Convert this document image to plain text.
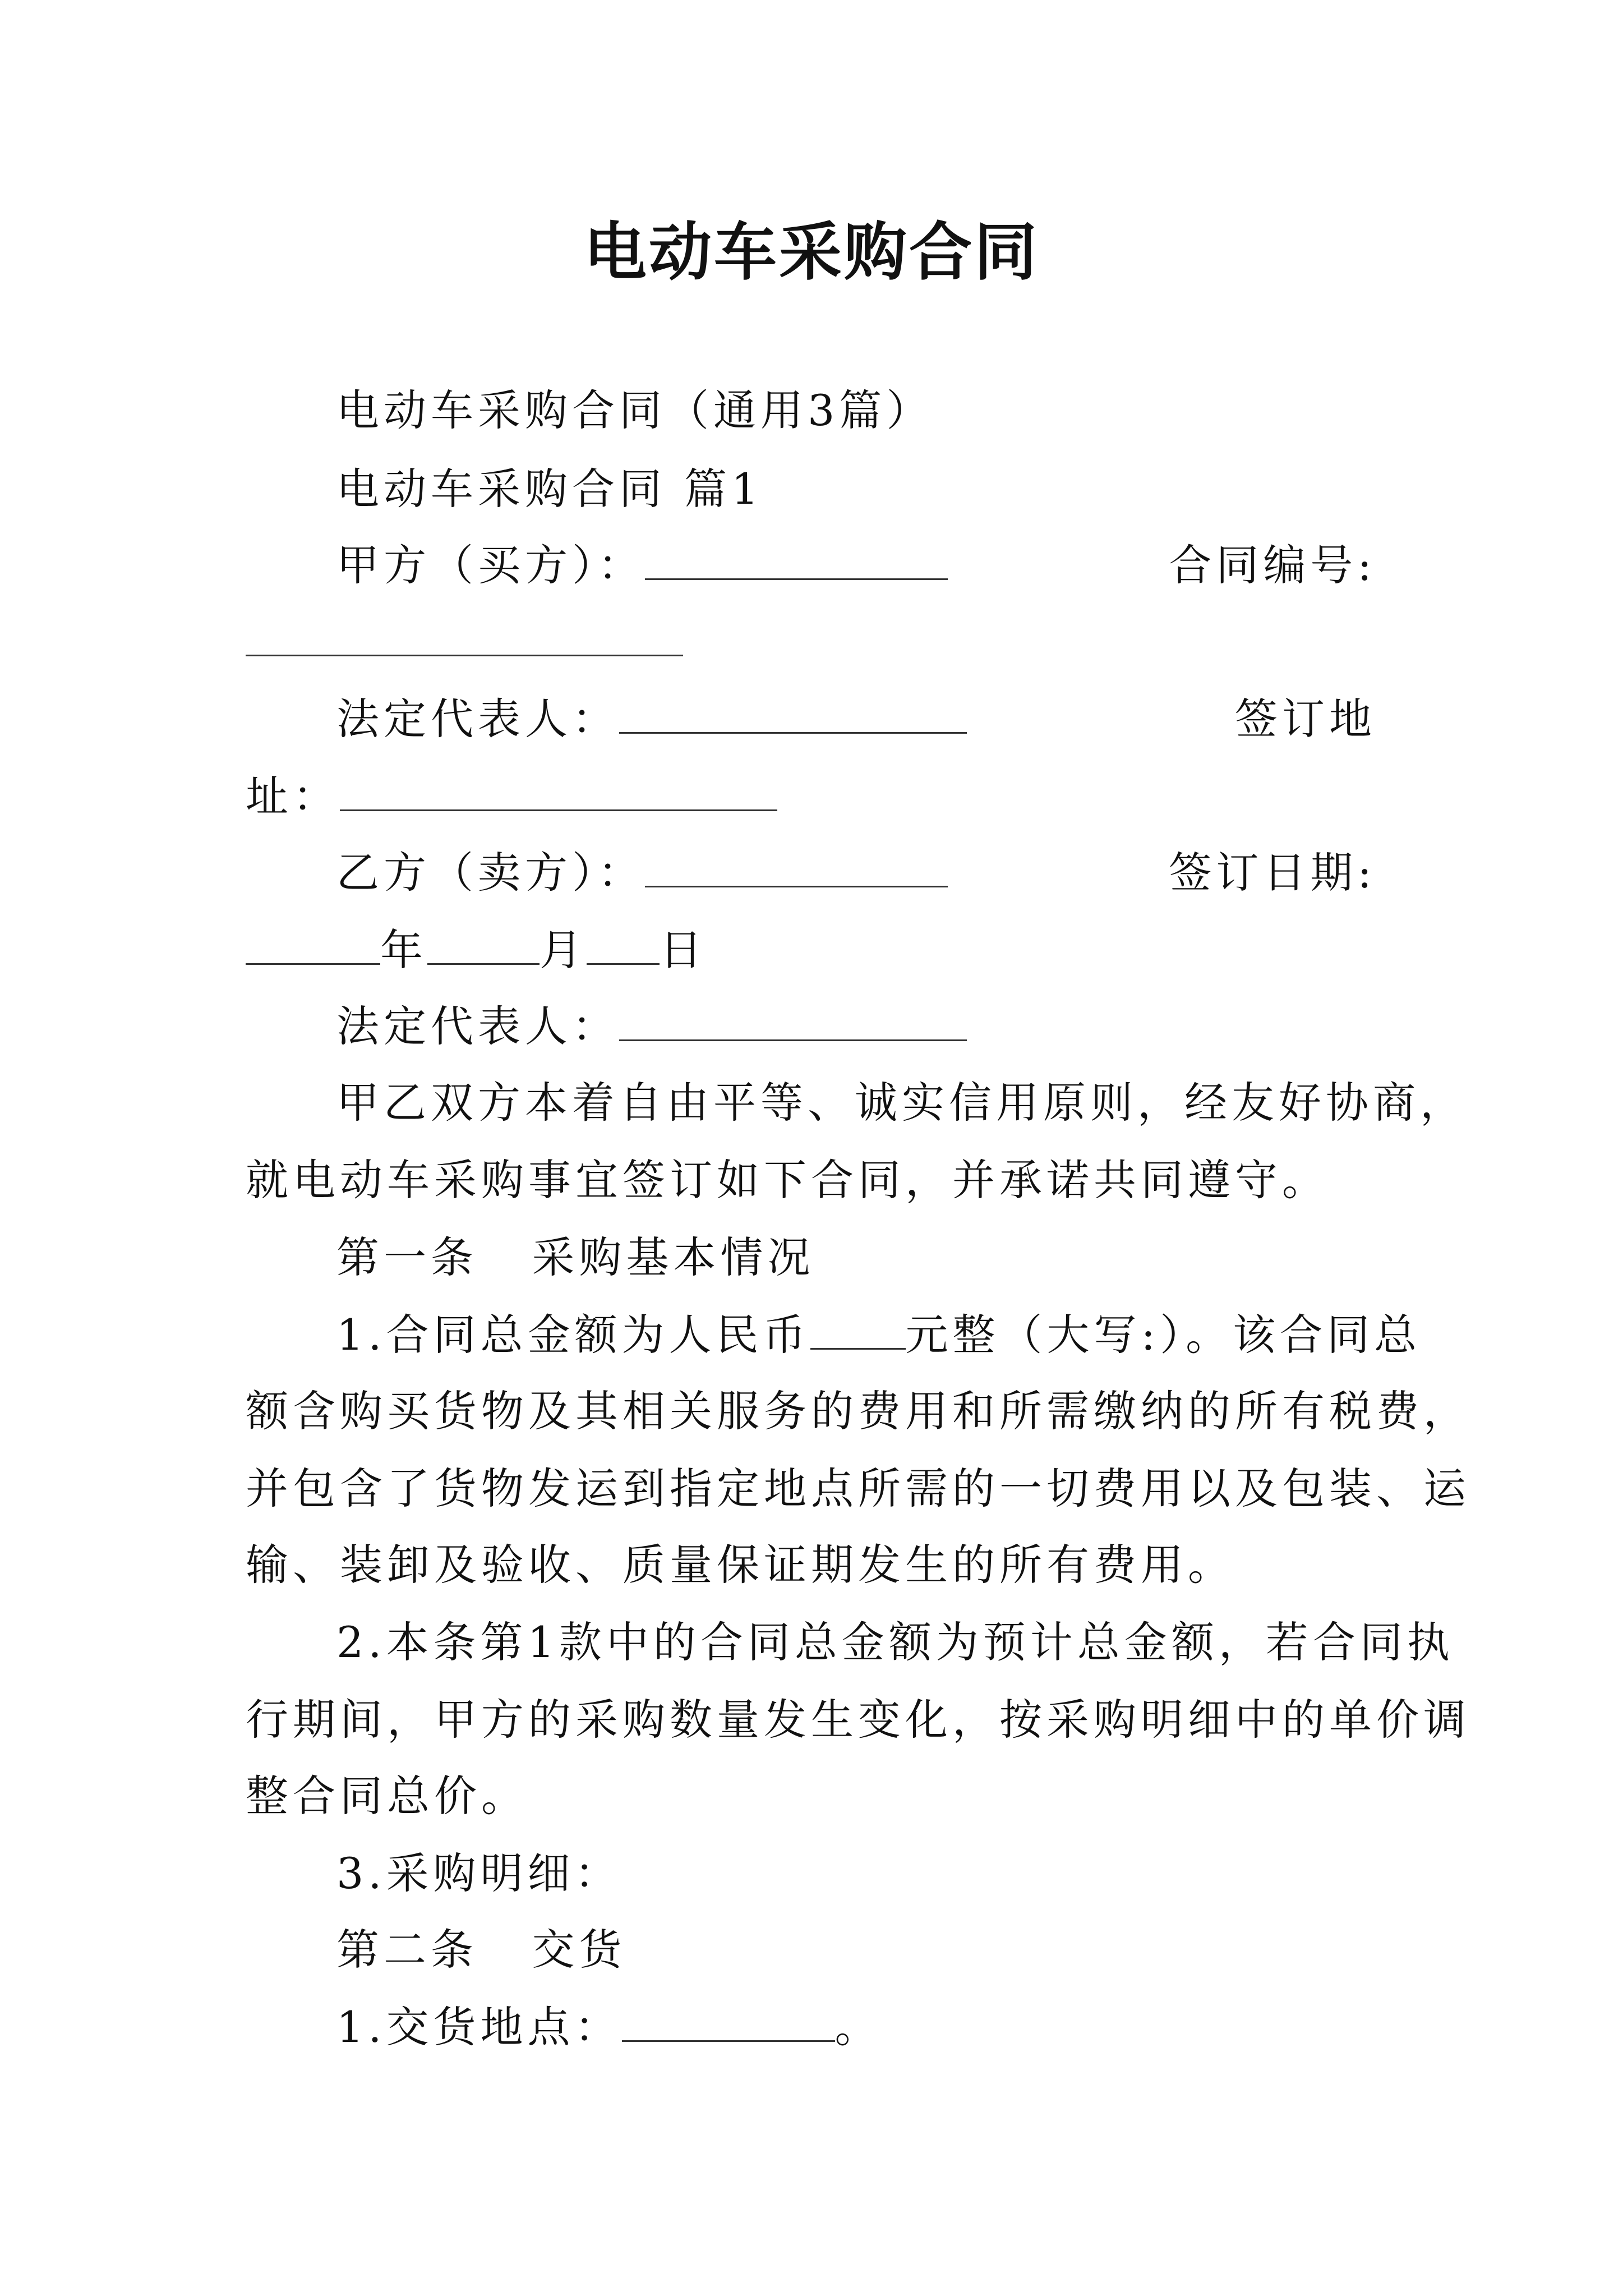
电动车采购合同
电动车采购合同（通用3篇）
电动车采购合同 篇1
甲方（买方）：	合同编号:
法定代表人：	签订地
址：
乙方（卖方）：	签订日期:
年	月 日
法定代表人：
甲乙双方本着自由平等、诚实信用原则，经友好协商，
就电动车采购事宜签订如下合同，并承诺共同遵守。
第一条   采购基本情况
1.合同总金额为人民币 元整（大写:）。该合同总
额含购买货物及其相关服务的费用和所需缴纳的所有税费，
并包含了货物发运到指定地点所需的一切费用以及包装、运
输、装卸及验收、质量保证期发生的所有费用。
2.本条第1款中的合同总金额为预计总金额，若合同执
行期间，甲方的采购数量发生变化，按采购明细中的单价调
整合同总价。
3.采购明细：
第二条   交货
1.交货地点：	。
